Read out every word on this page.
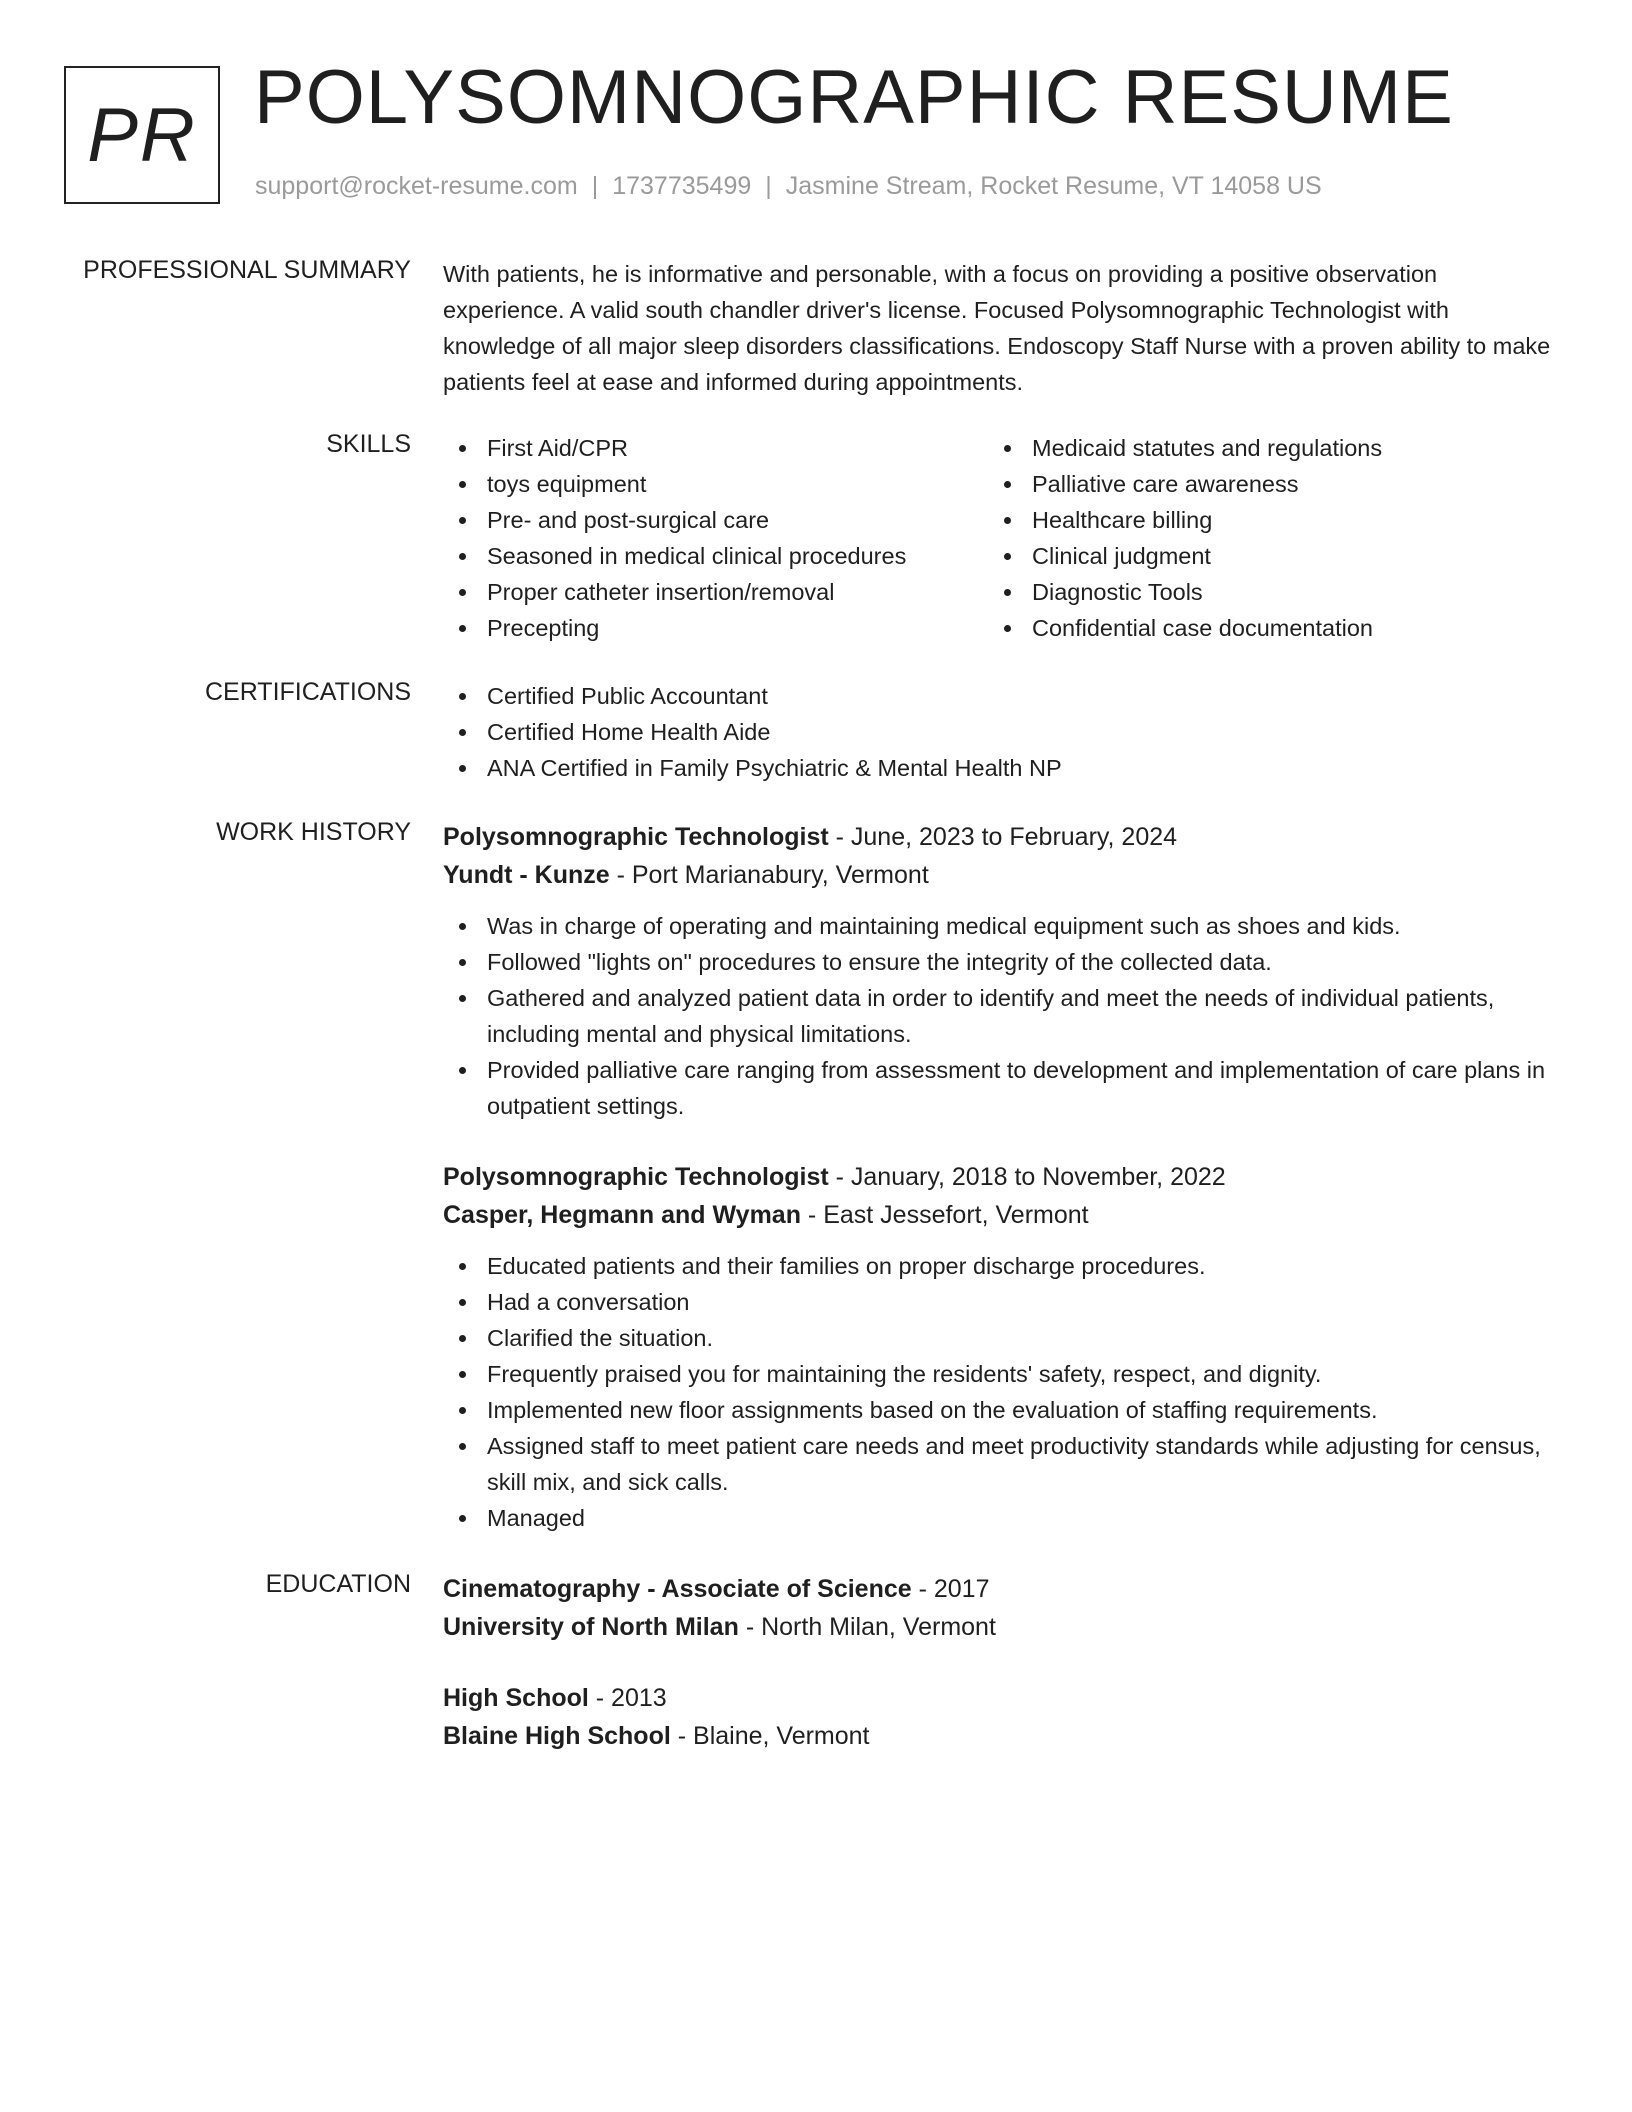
PR POLYSOMNOGRAPHIC RESUME
support@rocket-resume.com | 1737735499 | Jasmine Stream, Rocket Resume, VT 14058 US
PROFESSIONAL SUMMARY With patients, he is informative and personable, with a focus on providing a positive observation experience. A valid south chandler driver's license. Focused Polysomnographic Technologist with knowledge of all major sleep disorders classifications. Endoscopy Staff Nurse with a proven ability to make patients feel at ease and informed during appointments.
SKILLS	First Aid/CPR
toys equipment
Pre- and post-surgical care
Seasoned in medical clinical procedures
Proper catheter insertion/removal
Precepting
Medicaid statutes and regulations
Palliative care awareness
Healthcare billing
Clinical judgment
Diagnostic Tools
Confidential case documentation
CERTIFICATIONS	Certified Public Accountant
Certified Home Health Aide
ANA Certified in Family Psychiatric & Mental Health NP
WORK HISTORY Polysomnographic Technologist - June, 2023 to February, 2024
Yundt - Kunze - Port Marianabury, Vermont
Was in charge of operating and maintaining medical equipment such as shoes and kids.
Followed "lights on" procedures to ensure the integrity of the collected data.
Gathered and analyzed patient data in order to identify and meet the needs of individual patients, including mental and physical limitations.
Provided palliative care ranging from assessment to development and implementation of care plans in outpatient settings.
Polysomnographic Technologist - January, 2018 to November, 2022
Casper, Hegmann and Wyman - East Jessefort, Vermont
Educated patients and their families on proper discharge procedures.
Had a conversation
Clarified the situation.
Frequently praised you for maintaining the residents' safety, respect, and dignity.
Implemented new floor assignments based on the evaluation of staffing requirements.
Assigned staff to meet patient care needs and meet productivity standards while adjusting for census, skill mix, and sick calls.
Managed
EDUCATION Cinematography - Associate of Science - 2017
University of North Milan - North Milan, Vermont
High School - 2013
Blaine High School - Blaine, Vermont
